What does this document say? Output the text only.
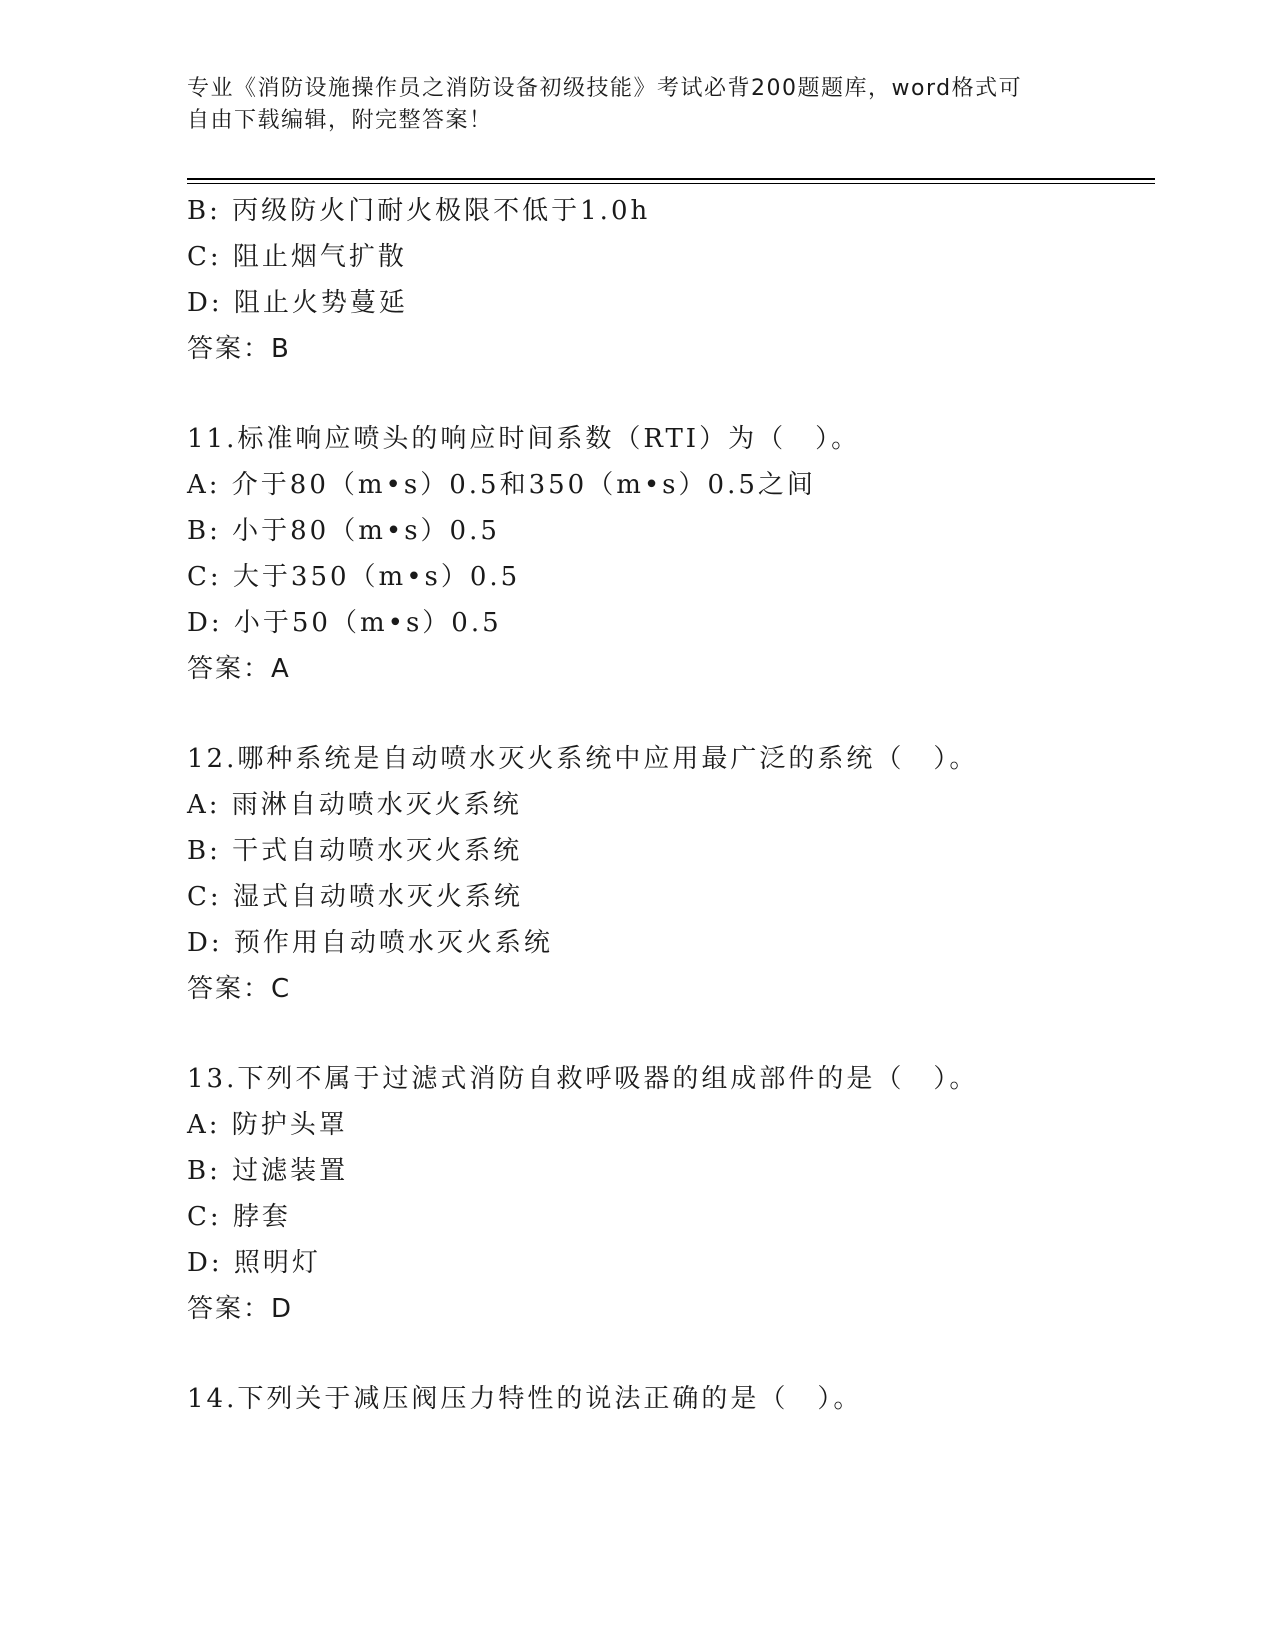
专业《消防设施操作员之消防设备初级技能》考试必背200题题库，word格式可
自由下载编辑，附完整答案！
B: 丙级防火门耐火极限不低于1.0h
C: 阻止烟气扩散
D: 阻止火势蔓延
答案：B
11.标准响应喷头的响应时间系数（RTI）为（　）。
A: 介于80（m•s）0.5和350（m•s）0.5之间
B: 小于80（m•s）0.5
C: 大于350（m•s）0.5
D: 小于50（m•s）0.5
答案：A
12.哪种系统是自动喷水灭火系统中应用最广泛的系统（　）。
A: 雨淋自动喷水灭火系统
B: 干式自动喷水灭火系统
C: 湿式自动喷水灭火系统
D: 预作用自动喷水灭火系统
答案：C
13.下列不属于过滤式消防自救呼吸器的组成部件的是（　）。
A: 防护头罩
B: 过滤装置
C: 脖套
D: 照明灯
答案：D
14.下列关于减压阀压力特性的说法正确的是（　）。
